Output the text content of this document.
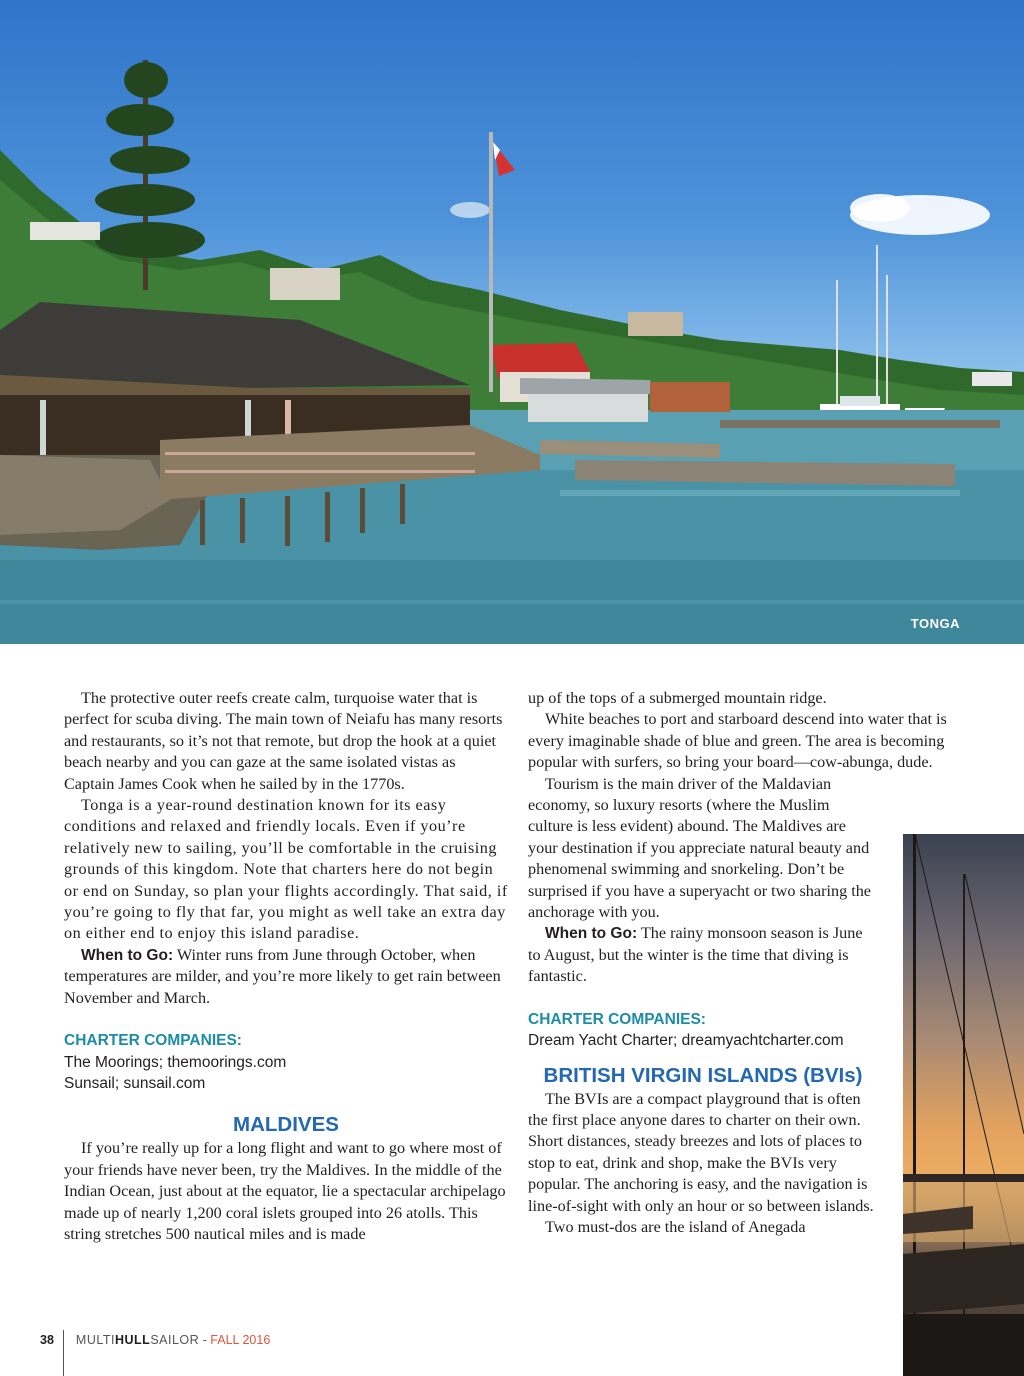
TONGA

The protective outer reefs create calm, turquoise water that is perfect for scuba diving. The main town of Neiafu has many resorts and restaurants, so it’s not that remote, but drop the hook at a quiet beach nearby and you can gaze at the same isolated vistas as Captain James Cook when he sailed by in the 1770s.

Tonga is a year-round destination known for its easy conditions and relaxed and friendly locals. Even if you’re relatively new to sailing, you’ll be comfortable in the cruising grounds of this kingdom. Note that charters here do not begin or end on Sunday, so plan your flights accordingly. That said, if you’re going to fly that far, you might as well take an extra day on either end to enjoy this island paradise.

When to Go: Winter runs from June through October, when temperatures are milder, and you’re more likely to get rain between November and March.

CHARTER COMPANIES:
The Moorings; themoorings.com
Sunsail; sunsail.com
MALDIVES

If you’re really up for a long flight and want to go where most of your friends have never been, try the Maldives. In the middle of the Indian Ocean, just about at the equator, lie a spectacular archipelago made up of nearly 1,200 coral islets grouped into 26 atolls. This string stretches 500 nautical miles and is made

up of the tops of a submerged mountain ridge.

White beaches to port and starboard descend into water that is every imaginable shade of blue and green. The area is becoming popular with surfers, so bring your board—cow-abunga, dude.

Tourism is the main driver of the Maldavian economy, so luxury resorts (where the Muslim culture is less evident) abound. The Maldives are your destination if you appreciate natural beauty and phenomenal swimming and snorkeling. Don’t be surprised if you have a superyacht or two sharing the anchorage with you.

When to Go: The rainy monsoon season is June to August, but the winter is the time that diving is fantastic.

CHARTER COMPANIES:
Dream Yacht Charter; dreamyachtcharter.com
BRITISH VIRGIN ISLANDS (BVIs)

The BVIs are a compact playground that is often the first place anyone dares to charter on their own. Short distances, steady breezes and lots of places to stop to eat, drink and shop, make the BVIs very popular. The anchoring is easy, and the navigation is line-of-sight with only an hour or so between islands.

Two must-dos are the island of Anegada

38 MULTIHULLSAILOR - FALL 2016
